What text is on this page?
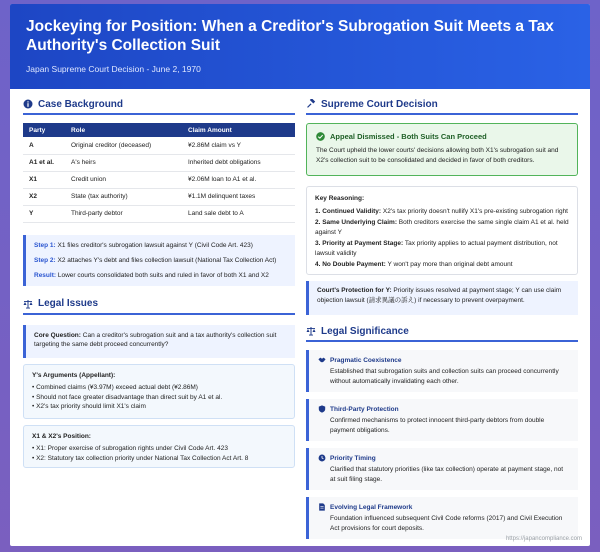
Jockeying for Position: When a Creditor's Subrogation Suit Meets a Tax Authority's Collection Suit
Japan Supreme Court Decision - June 2, 1970
Case Background
Party	Role	Claim Amount
A	Original creditor (deceased)	¥2.86M claim vs Y
A1 et al.	A's heirs	Inherited debt obligations
X1	Credit union	¥2.06M loan to A1 et al.
X2	State (tax authority)	¥1.1M delinquent taxes
Y	Third-party debtor	Land sale debt to A
Step 1: X1 files creditor's subrogation lawsuit against Y (Civil Code Art. 423)
Step 2: X2 attaches Y's debt and files collection lawsuit (National Tax Collection Act)
Result: Lower courts consolidated both suits and ruled in favor of both X1 and X2
Legal Issues
Core Question: Can a creditor's subrogation suit and a tax authority's collection suit targeting the same debt proceed concurrently?
Y's Arguments (Appellant):
• Combined claims (¥3.97M) exceed actual debt (¥2.86M)
• Should not face greater disadvantage than direct suit by A1 et al.
• X2's tax priority should limit X1's claim
X1 & X2's Position:
• X1: Proper exercise of subrogation rights under Civil Code Art. 423
• X2: Statutory tax collection priority under National Tax Collection Act Art. 8
Supreme Court Decision
Appeal Dismissed - Both Suits Can Proceed
The Court upheld the lower courts' decisions allowing both X1's subrogation suit and X2's collection suit to be consolidated and decided in favor of both creditors.
Key Reasoning:
1. Continued Validity: X2's tax priority doesn't nullify X1's pre-existing subrogation right
2. Same Underlying Claim: Both creditors exercise the same single claim A1 et al. held against Y
3. Priority at Payment Stage: Tax priority applies to actual payment distribution, not lawsuit validity
4. No Double Payment: Y won't pay more than original debt amount
Court's Protection for Y: Priority issues resolved at payment stage; Y can use claim objection lawsuit (請求異議の訴え) if necessary to prevent overpayment.
Legal Significance
Pragmatic Coexistence
Established that subrogation suits and collection suits can proceed concurrently without automatically invalidating each other.
Third-Party Protection
Confirmed mechanisms to protect innocent third-party debtors from double payment obligations.
Priority Timing
Clarified that statutory priorities (like tax collection) operate at payment stage, not at suit filing stage.
Evolving Legal Framework
Foundation influenced subsequent Civil Code reforms (2017) and Civil Execution Act provisions for court deposits.
https://japancompliance.com
